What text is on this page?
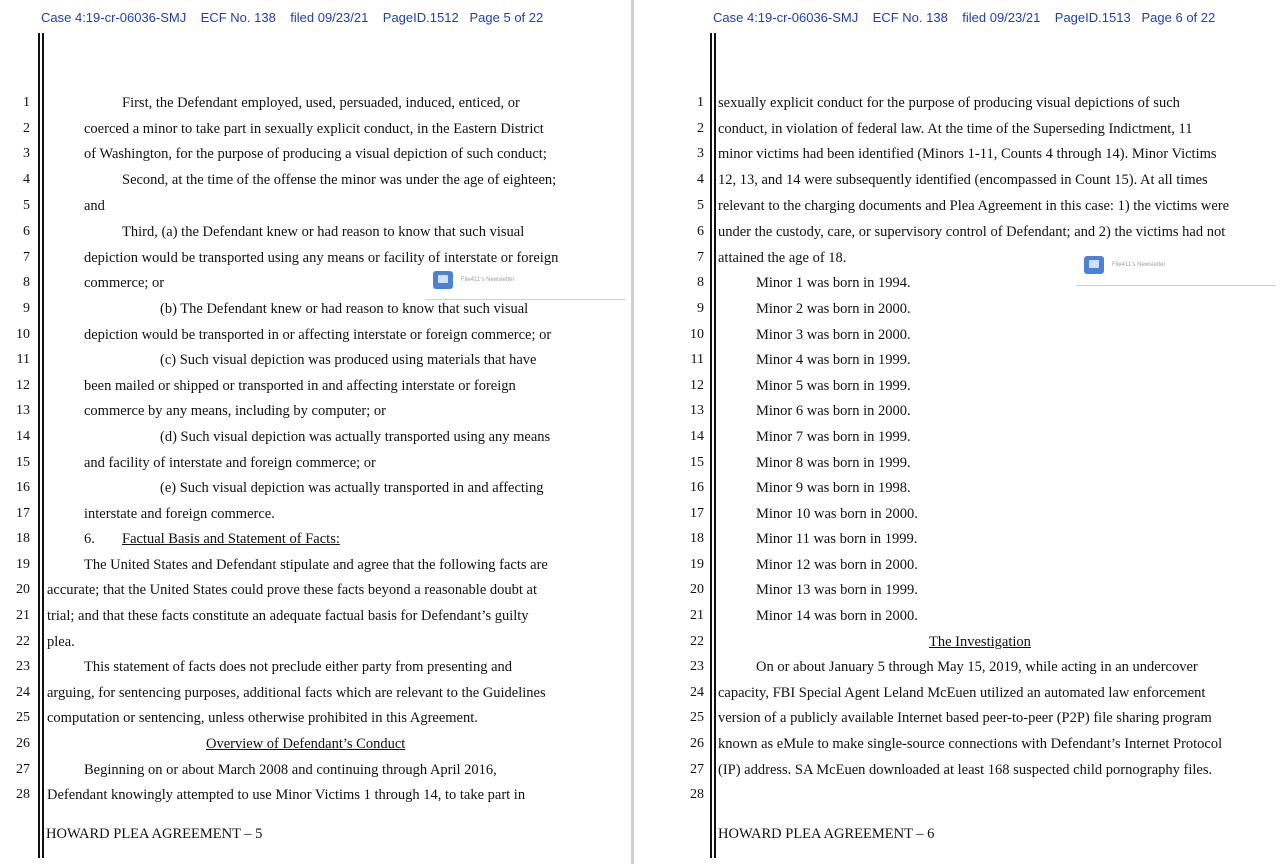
Case 4:19-cr-06036-SMJ    ECF No. 138    filed 09/23/21    PageID.1512   Page 5 of 22
1
2
3
4
5
6
7
8
9
10
11
12
13
14
15
16
17
18
19
20
21
22
23
24
25
26
27
28
First, the Defendant employed, used, persuaded, induced, enticed, or
coerced a minor to take part in sexually explicit conduct, in the Eastern District
of Washington, for the purpose of producing a visual depiction of such conduct;
Second, at the time of the offense the minor was under the age of eighteen;
and
Third, (a) the Defendant knew or had reason to know that such visual
depiction would be transported using any means or facility of interstate or foreign
commerce; or
(b) The Defendant knew or had reason to know that such visual
depiction would be transported in or affecting interstate or foreign commerce; or
(c) Such visual depiction was produced using materials that have
been mailed or shipped or transported in and affecting interstate or foreign
commerce by any means, including by computer; or
(d) Such visual depiction was actually transported using any means
and facility of interstate and foreign commerce; or
(e) Such visual depiction was actually transported in and affecting
interstate and foreign commerce.
6.
The United States and Defendant stipulate and agree that the following facts are
accurate; that the United States could prove these facts beyond a reasonable doubt at
trial; and that these facts constitute an adequate factual basis for Defendant’s guilty
plea.
This statement of facts does not preclude either party from presenting and
arguing, for sentencing purposes, additional facts which are relevant to the Guidelines
computation or sentencing, unless otherwise prohibited in this Agreement.
Overview of Defendant’s Conduct
Beginning on or about March 2008 and continuing through April 2016,
Defendant knowingly attempted to use Minor Victims 1 through 14, to take part in
Factual Basis and Statement of Facts:
HOWARD PLEA AGREEMENT – 5
File411’s Newsletter
Case 4:19-cr-06036-SMJ    ECF No. 138    filed 09/23/21    PageID.1513   Page 6 of 22
1
2
3
4
5
6
7
8
9
10
11
12
13
14
15
16
17
18
19
20
21
22
23
24
25
26
27
28
sexually explicit conduct for the purpose of producing visual depictions of such
conduct, in violation of federal law. At the time of the Superseding Indictment, 11
minor victims had been identified (Minors 1-11, Counts 4 through 14). Minor Victims
12, 13, and 14 were subsequently identified (encompassed in Count 15). At all times
relevant to the charging documents and Plea Agreement in this case: 1) the victims were
under the custody, care, or supervisory control of Defendant; and 2) the victims had not
attained the age of 18.
Minor 1 was born in 1994.
Minor 2 was born in 2000.
Minor 3 was born in 2000.
Minor 4 was born in 1999.
Minor 5 was born in 1999.
Minor 6 was born in 2000.
Minor 7 was born in 1999.
Minor 8 was born in 1999.
Minor 9 was born in 1998.
Minor 10 was born in 2000.
Minor 11 was born in 1999.
Minor 12 was born in 2000.
Minor 13 was born in 1999.
Minor 14 was born in 2000.
The Investigation
On or about January 5 through May 15, 2019, while acting in an undercover
capacity, FBI Special Agent Leland McEuen utilized an automated law enforcement
version of a publicly available Internet based peer-to-peer (P2P) file sharing program
known as eMule to make single-source connections with Defendant’s Internet Protocol
(IP) address. SA McEuen downloaded at least 168 suspected child pornography files.
HOWARD PLEA AGREEMENT – 6
File411’s Newsletter
